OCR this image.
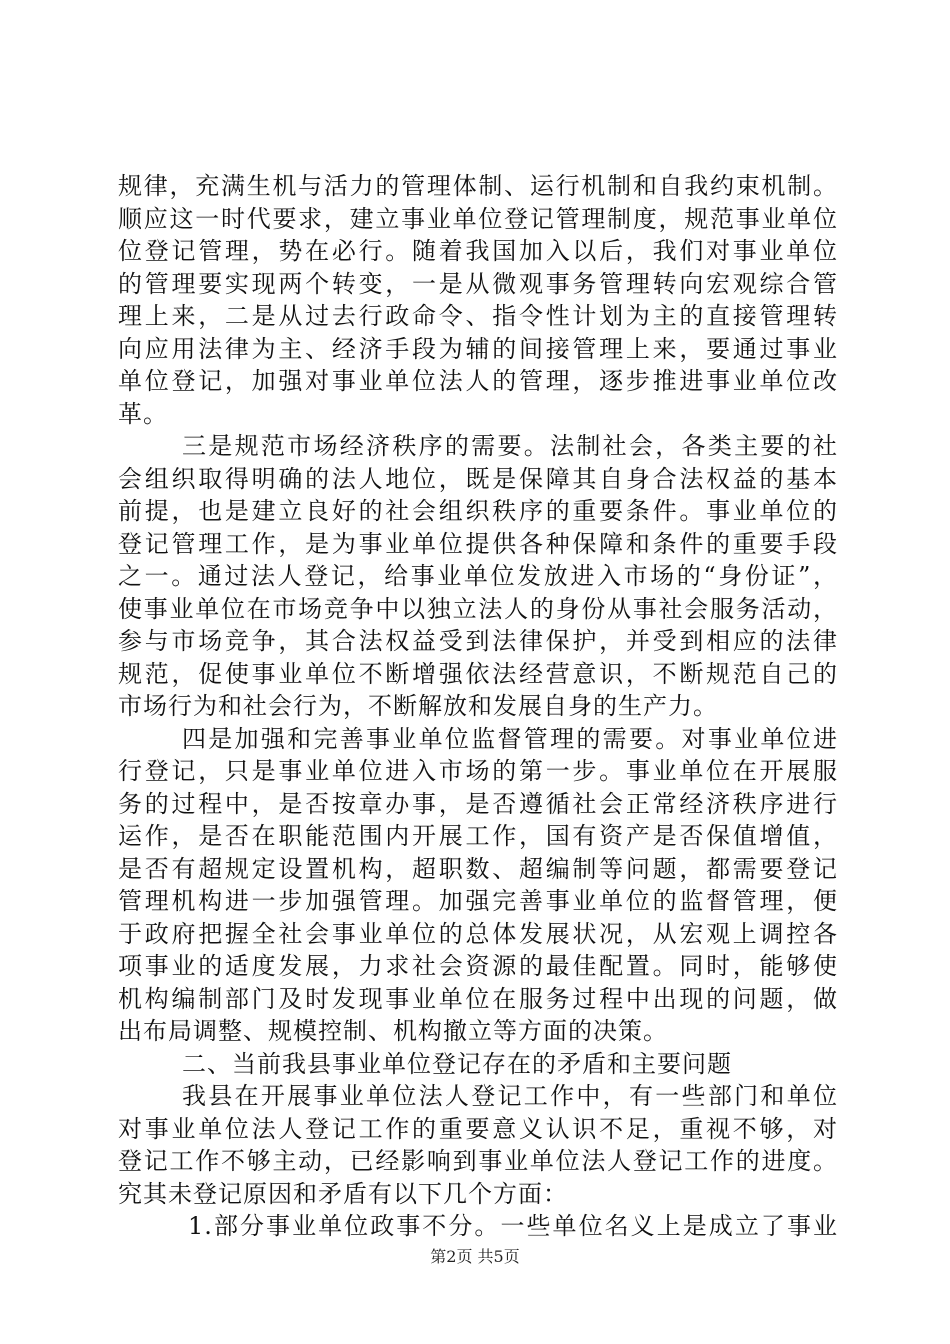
规律，充满生机与活力的管理体制、运行机制和自我约束机制。
顺应这一时代要求，建立事业单位登记管理制度，规范事业单位
位登记管理，势在必行。随着我国加入以后，我们对事业单位
的管理要实现两个转变，一是从微观事务管理转向宏观综合管
理上来，二是从过去行政命令、指令性计划为主的直接管理转
向应用法律为主、经济手段为辅的间接管理上来，要通过事业
单位登记，加强对事业单位法人的管理，逐步推进事业单位改
革。
三是规范市场经济秩序的需要。法制社会，各类主要的社
会组织取得明确的法人地位，既是保障其自身合法权益的基本
前提，也是建立良好的社会组织秩序的重要条件。事业单位的
登记管理工作，是为事业单位提供各种保障和条件的重要手段
之一。通过法人登记，给事业单位发放进入市场的“身份证”，
使事业单位在市场竞争中以独立法人的身份从事社会服务活动，
参与市场竞争，其合法权益受到法律保护，并受到相应的法律
规范，促使事业单位不断增强依法经营意识，不断规范自己的
市场行为和社会行为，不断解放和发展自身的生产力。
四是加强和完善事业单位监督管理的需要。对事业单位进
行登记，只是事业单位进入市场的第一步。事业单位在开展服
务的过程中，是否按章办事，是否遵循社会正常经济秩序进行
运作，是否在职能范围内开展工作，国有资产是否保值增值，
是否有超规定设置机构，超职数、超编制等问题，都需要登记
管理机构进一步加强管理。加强完善事业单位的监督管理，便
于政府把握全社会事业单位的总体发展状况，从宏观上调控各
项事业的适度发展，力求社会资源的最佳配置。同时，能够使
机构编制部门及时发现事业单位在服务过程中出现的问题，做
出布局调整、规模控制、机构撤立等方面的决策。
二、当前我县事业单位登记存在的矛盾和主要问题
我县在开展事业单位法人登记工作中，有一些部门和单位
对事业单位法人登记工作的重要意义认识不足，重视不够，对
登记工作不够主动，已经影响到事业单位法人登记工作的进度。
究其未登记原因和矛盾有以下几个方面：
1.部分事业单位政事不分。一些单位名义上是成立了事业
第2页 共5页
